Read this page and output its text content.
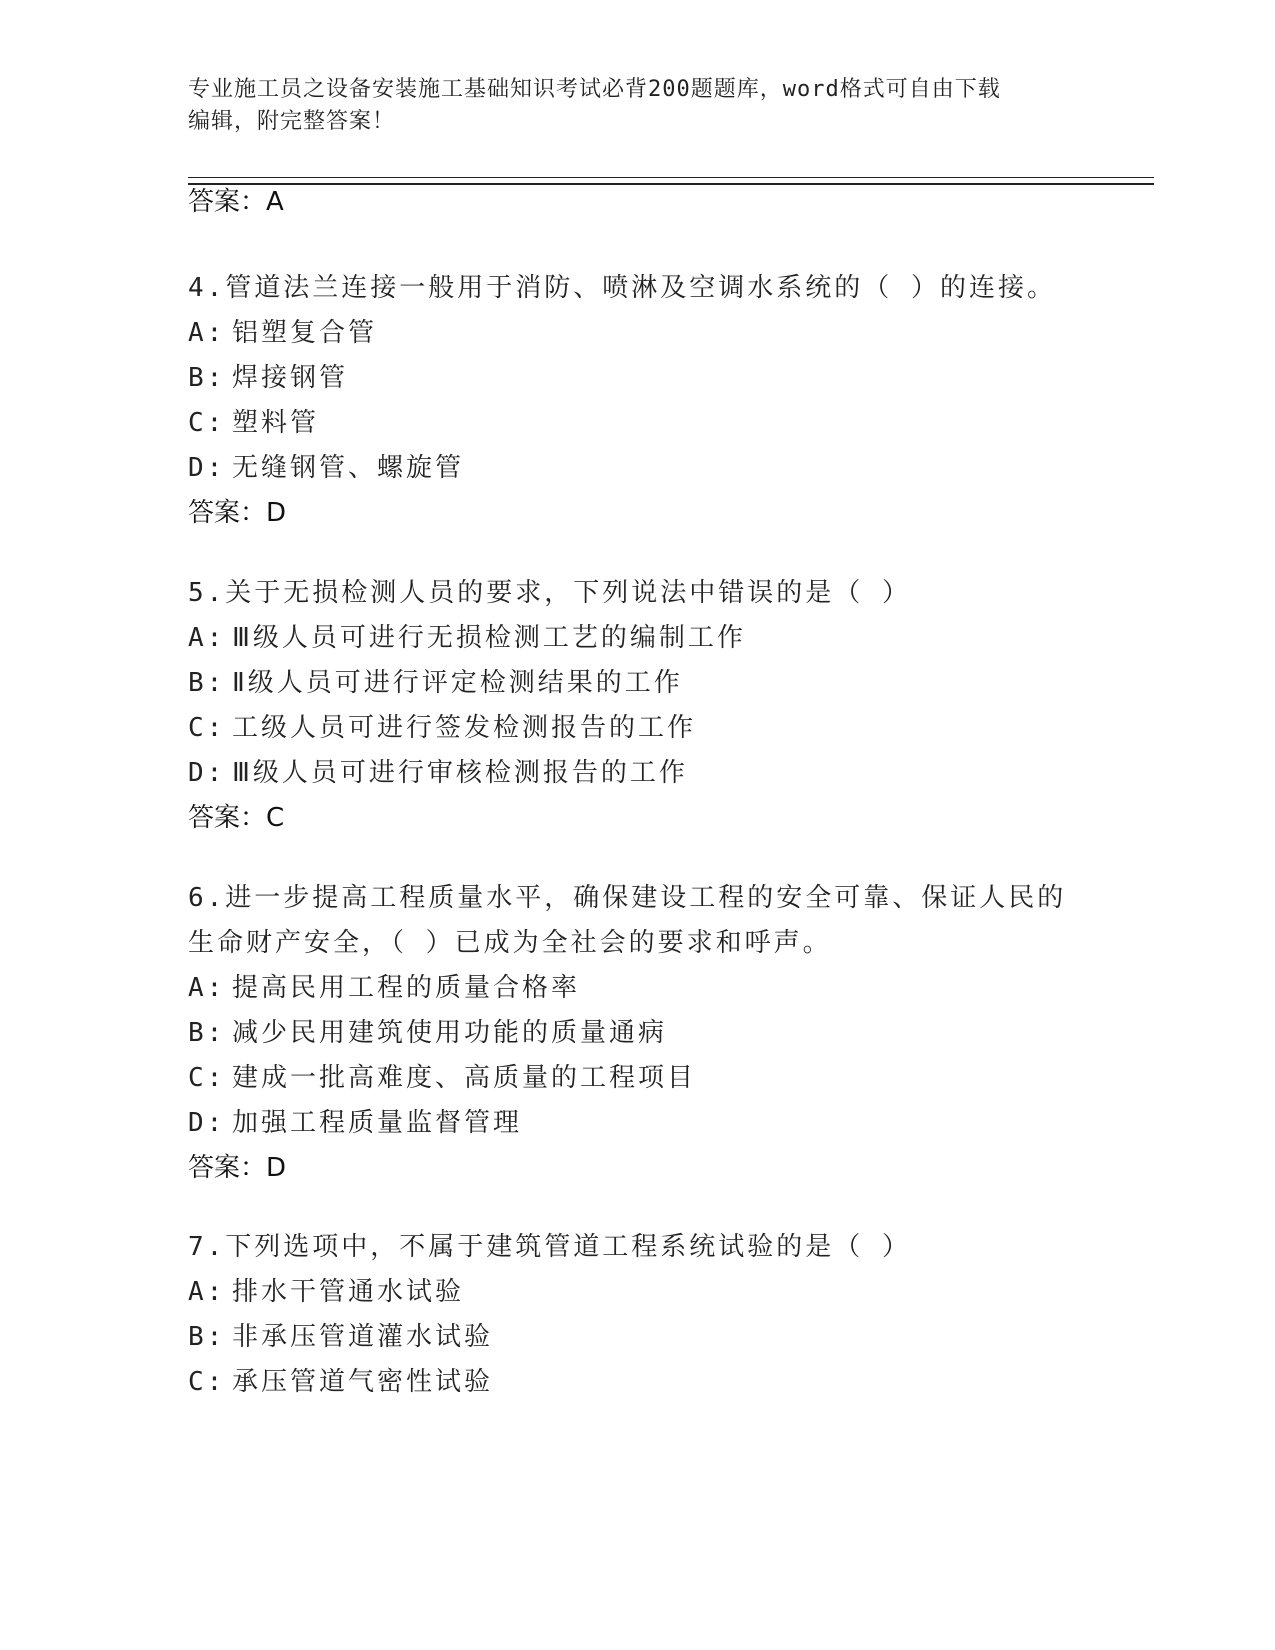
专业施工员之设备安装施工基础知识考试必背200题题库，word格式可自由下载
编辑，附完整答案！
答案：A
4.管道法兰连接一般用于消防、喷淋及空调水系统的（ ）的连接。
A: 铝塑复合管
B: 焊接钢管
C: 塑料管
D: 无缝钢管、螺旋管
答案：D
5.关于无损检测人员的要求，下列说法中错误的是（ ）
A: Ⅲ级人员可进行无损检测工艺的编制工作
B: Ⅱ级人员可进行评定检测结果的工作
C: 工级人员可进行签发检测报告的工作
D: Ⅲ级人员可进行审核检测报告的工作
答案：C
6.进一步提高工程质量水平，确保建设工程的安全可靠、保证人民的
生命财产安全，（ ）已成为全社会的要求和呼声。
A: 提高民用工程的质量合格率
B: 减少民用建筑使用功能的质量通病
C: 建成一批高难度、高质量的工程项目
D: 加强工程质量监督管理
答案：D
7.下列选项中，不属于建筑管道工程系统试验的是（ ）
A: 排水干管通水试验
B: 非承压管道灌水试验
C: 承压管道气密性试验
